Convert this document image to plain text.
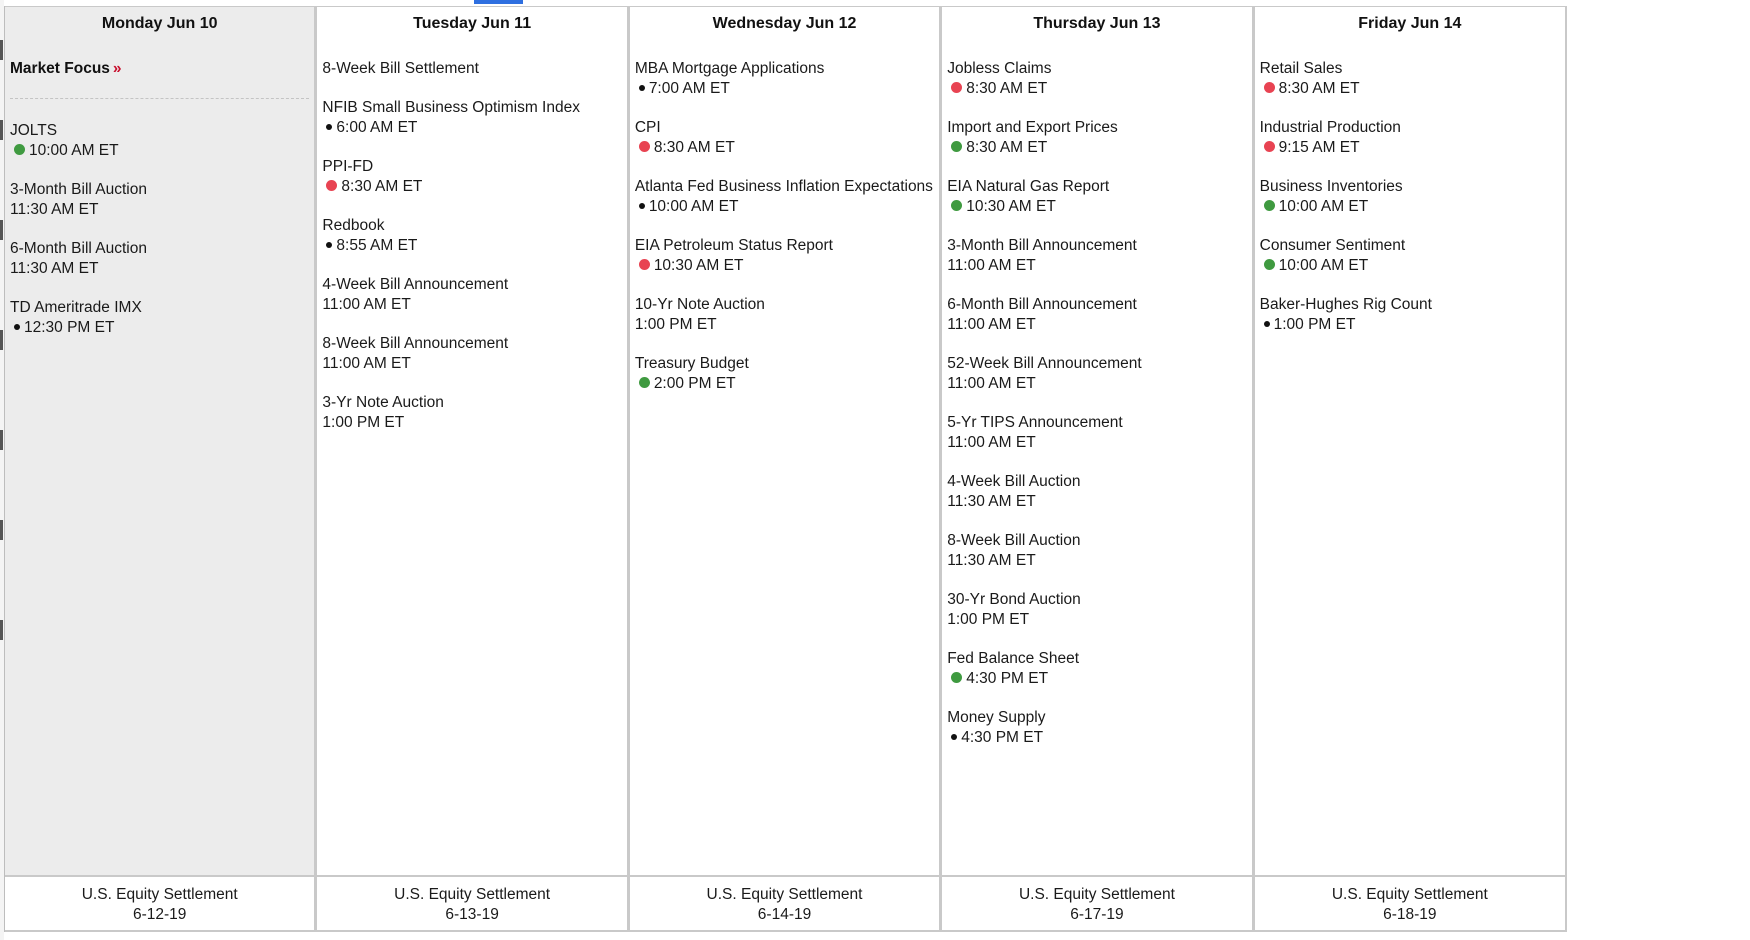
Monday Jun 10
Market Focus »
JOLTS
10:00 AM ET
3-Month Bill Auction
11:30 AM ET
6-Month Bill Auction
11:30 AM ET
TD Ameritrade IMX
12:30 PM ET
U.S. Equity Settlement
6-12-19
Tuesday Jun 11
8-Week Bill Settlement
NFIB Small Business Optimism Index
6:00 AM ET
PPI-FD
8:30 AM ET
Redbook
8:55 AM ET
4-Week Bill Announcement
11:00 AM ET
8-Week Bill Announcement
11:00 AM ET
3-Yr Note Auction
1:00 PM ET
U.S. Equity Settlement
6-13-19
Wednesday Jun 12
MBA Mortgage Applications
7:00 AM ET
CPI
8:30 AM ET
Atlanta Fed Business Inflation Expectations
10:00 AM ET
EIA Petroleum Status Report
10:30 AM ET
10-Yr Note Auction
1:00 PM ET
Treasury Budget
2:00 PM ET
U.S. Equity Settlement
6-14-19
Thursday Jun 13
Jobless Claims
8:30 AM ET
Import and Export Prices
8:30 AM ET
EIA Natural Gas Report
10:30 AM ET
3-Month Bill Announcement
11:00 AM ET
6-Month Bill Announcement
11:00 AM ET
52-Week Bill Announcement
11:00 AM ET
5-Yr TIPS Announcement
11:00 AM ET
4-Week Bill Auction
11:30 AM ET
8-Week Bill Auction
11:30 AM ET
30-Yr Bond Auction
1:00 PM ET
Fed Balance Sheet
4:30 PM ET
Money Supply
4:30 PM ET
U.S. Equity Settlement
6-17-19
Friday Jun 14
Retail Sales
8:30 AM ET
Industrial Production
9:15 AM ET
Business Inventories
10:00 AM ET
Consumer Sentiment
10:00 AM ET
Baker-Hughes Rig Count
1:00 PM ET
U.S. Equity Settlement
6-18-19
